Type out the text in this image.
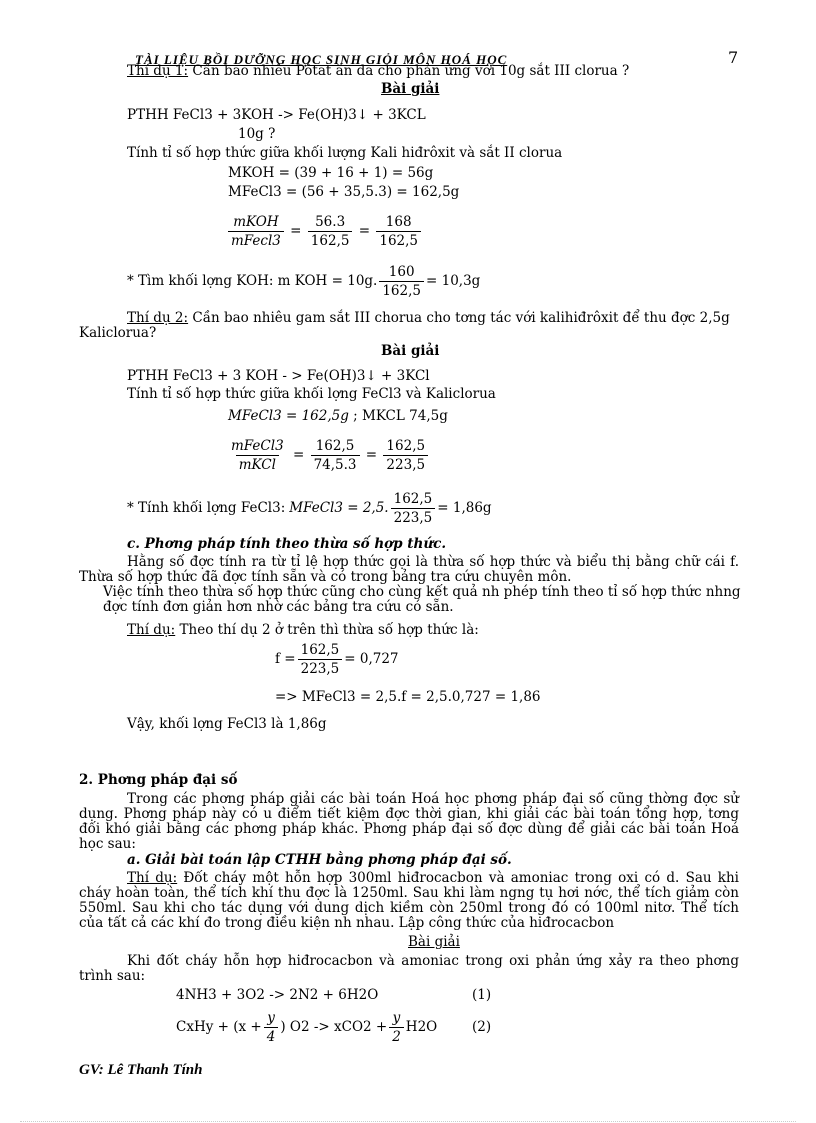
TÀI LIỆU BỒI DƯỠNG HỌC SINH GIỎI MÔN HOÁ HỌC	7
Thí dụ 1: Cần bao nhiêu Pôtat ăn da cho phản ứng với 10g sắt III clorua ?
Bài giải
PTHH FeCl3 + 3KOH -> Fe(OH)3↓ + 3KCL
10g ?
Tính tỉ số hợp thức giữa khối lượng Kali hiđrôxit và sắt II clorua
MKOH = (39 + 16 + 1) = 56g
MFeCl3 = (56 + 35,5.3) = 162,5g
$\frac{\text{mKOH}}{\text{mFecl3}} = \frac{56.3}{162,5} = \frac{168}{162,5}$
* Tìm khối lợng KOH: m KOH = 10g. $\frac{160}{162,5} = 10,3g$
Thí dụ 2: Cần bao nhiêu gam sắt III chorua cho tơng tác với kalihiđrôxit để thu đợc 2,5g
Kaliclorua?
Bài giải
PTHH FeCl3 + 3 KOH - > Fe(OH)3↓ + 3KCl
Tính tỉ số hợp thức giữa khối lợng FeCl3 và Kaliclorua
MFeCl3 = 162,5g ; MKCL 74,5g
$\frac{\text{mFeCl3}}{\text{mKCl}} = \frac{162,5}{74,5.3} = \frac{162,5}{223,5}$
* Tính khối lợng FeCl3: MFeCl3 = 2,5. $\frac{162,5}{223,5} = 1,86g$
c. Phơng pháp tính theo thừa số hợp thức.
Hằng số đợc tính ra từ tỉ lệ hợp thức gọi là thừa số hợp thức và biểu thị bằng chữ cái f. Thừa số hợp thức đã đợc tính sẵn và có trong bảng tra cứu chuyên môn.
Việc tính theo thừa số hợp thức cũng cho cùng kết quả nh phép tính theo tỉ số hợp thức nhng
đợc tính đơn giản hơn nhờ các bảng tra cứu có sẵn.
Thí dụ: Theo thí dụ 2 ở trên thì thừa số hợp thức là:
$f = \frac{162,5}{223,5} = 0,727$
=> MFeCl3 = 2,5.f = 2,5.0,727 = 1,86
Vậy, khối lợng FeCl3 là 1,86g
2. Phơng pháp đại số
Trong các phơng pháp giải các bài toán Hoá học phơng pháp đại số cũng thờng đợc sử dụng. Phơng pháp này có u điểm tiết kiệm đợc thời gian, khi giải các bài toán tổng hợp, tơng đối khó giải bằng các phơng pháp khác. Phơng pháp đại số đợc dùng để giải các bài toán Hoá học sau:
a. Giải bài toán lập CTHH bằng phơng pháp đại số.
Thí dụ: Đốt cháy một hỗn hợp 300ml hiđrocacbon và amoniac trong oxi có d. Sau khi cháy hoàn toàn, thể tích khí thu đợc là 1250ml. Sau khi làm ngng tụ hơi nớc, thể tích giảm còn 550ml. Sau khi cho tác dụng với dung dịch kiềm còn 250ml trong đó có 100ml nitơ. Thể tích của tất cả các khí đo trong điều kiện nh nhau. Lập công thức của hiđrocacbon
Bài giải
Khi đốt cháy hỗn hợp hiđrocacbon và amoniac trong oxi phản ứng xảy ra theo phơng trình sau:
4NH3 + 3O2 -> 2N2 + 6H2O	(1)
CxHy + ($x + \frac{y}{4}$ ) $O2 -> xCO2 + \frac{y}{2} H2O$	(2)
GV: Lê Thanh Tính
